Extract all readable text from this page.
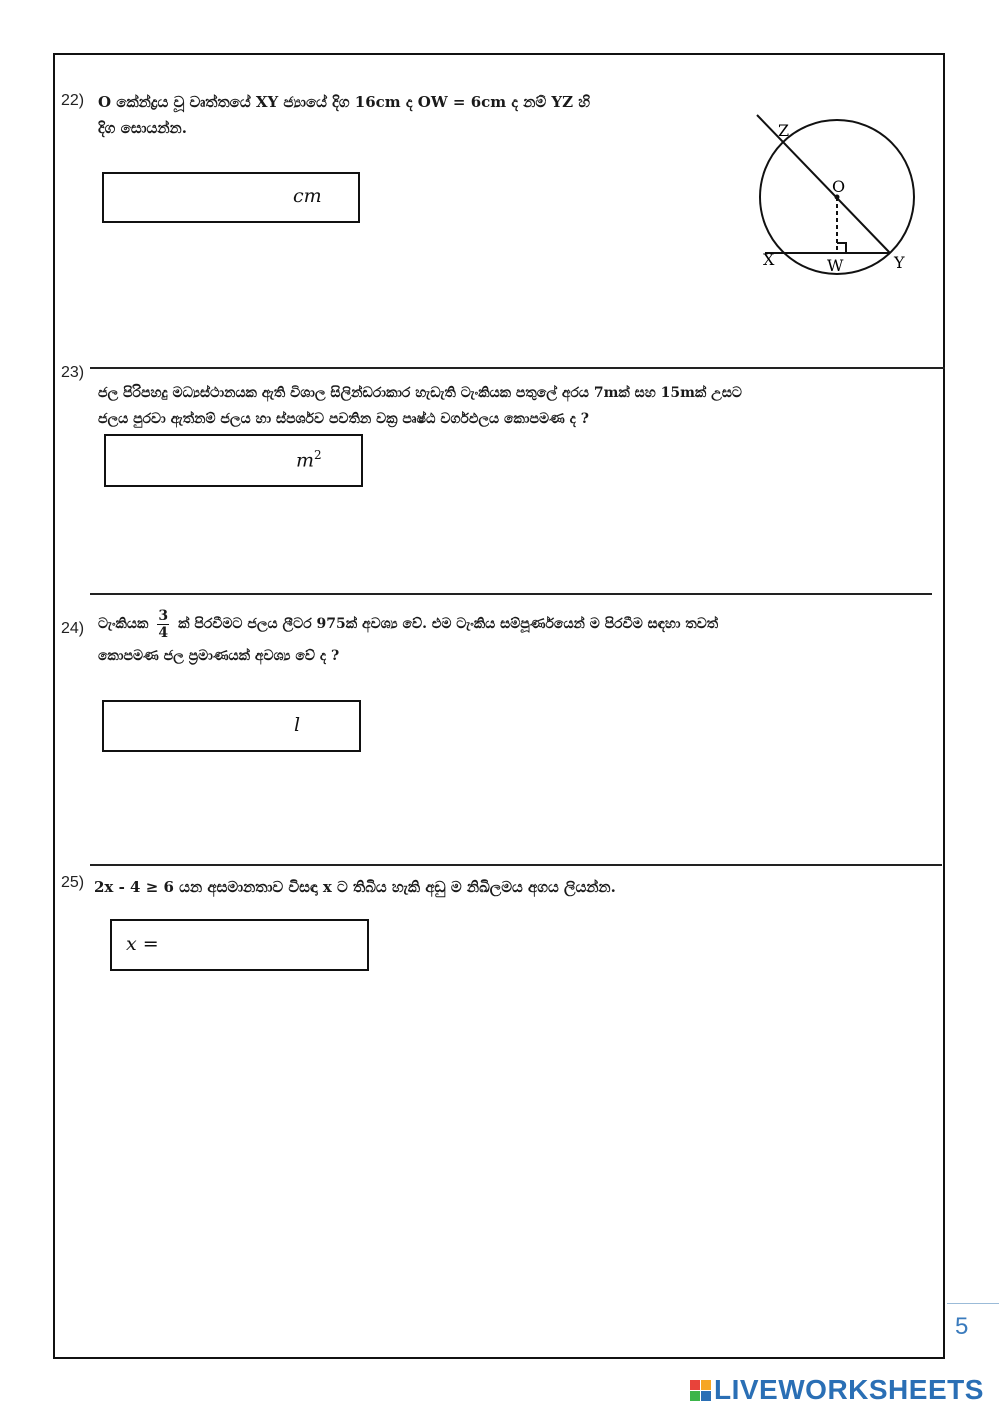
22) O කේන්ද්‍රය වූ වෘත්තයේ XY ජ්‍යායේ දිග 16cm ද OW = 6cm ද නම් YZ හි
දිග සොයන්න.
cm
Z
O
X	W	Y
23)
ජල පිරිපහදු මධ්‍යස්ථානයක ඇති විශාල සිලින්ඩරාකාර හැඩැති ටැංකියක පතුලේ අරය 7mක් සහ 15mක් උසට
ජලය පුරවා ඇත්නම් ජලය හා ස්පර්ශව පවතින වක්‍ර පෘෂ්ඨ වර්ගඵලය කොපමණ ද ?
$m^2$
24) ටැංකියක $\frac{3}{4}$ ක් පිරවීමට ජලය ලීටර 975ක් අවශ්‍ය වේ. එම ටැංකිය සම්පූර්ණයෙන් ම පිරවීම සඳහා තවත්
කොපමණ ජල ප්‍රමාණයක් අවශ්‍ය වේ ද ?
l
25) 2x - 4 ≥ 6 යන අසමානතාව විසඳා x ට තිබිය හැකි අඩු ම නිඛිලමය අගය ලියන්න.
x =
5
LIVEWORKSHEETS
